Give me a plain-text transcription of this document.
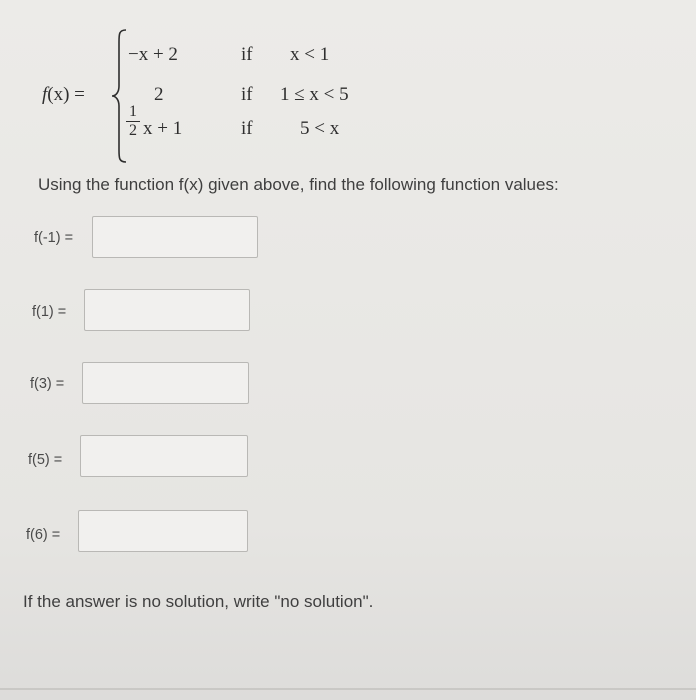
f(x) =
−x + 2	if x < 1
2	if 1 ≤ x < 5
1
2 x + 1	if 5 < x
Using the function f(x) given above, find the following function values:
f(-1) =
f(1) =
f(3) =
f(5) =
f(6) =
If the answer is no solution, write "no solution".
